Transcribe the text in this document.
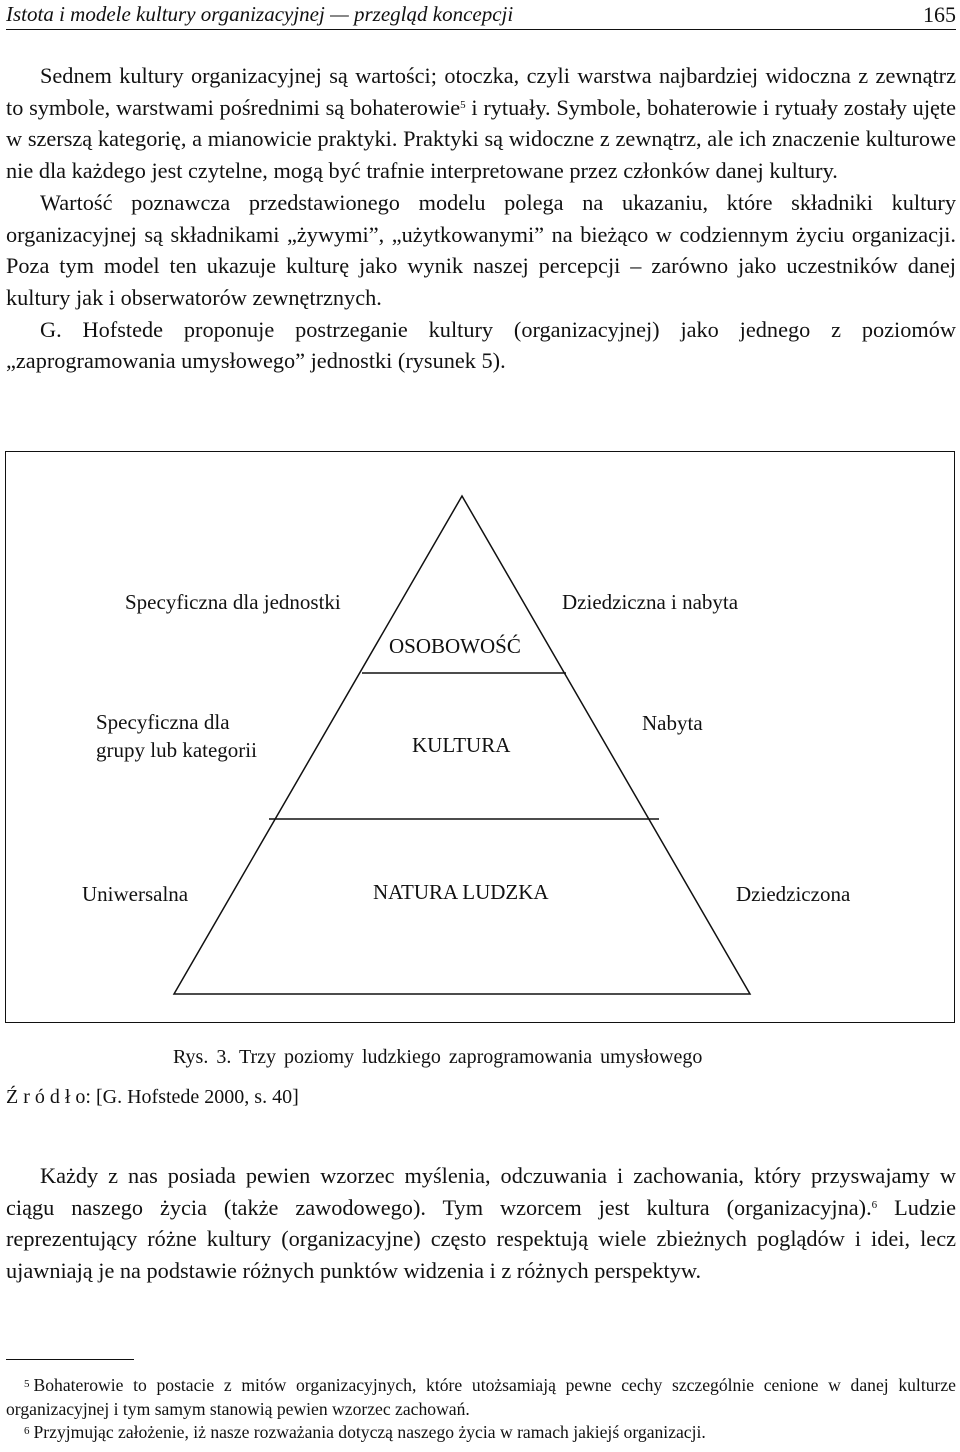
Istota i modele kultury organizacyjnej — przegląd koncepcji	165

Sednem kultury organizacyjnej są wartości; otoczka, czyli warstwa najbardziej widoczna z zewnątrz to symbole, warstwami pośrednimi są bohaterowie$^5$ i rytuały. Symbole, bohaterowie i rytuały zostały ujęte w szerszą kategorię, a mianowicie praktyki. Praktyki są widoczne z zewnątrz, ale ich znaczenie kulturowe nie dla każdego jest czytelne, mogą być trafnie interpretowane przez członków danej kultury.

Wartość poznawcza przedstawionego modelu polega na ukazaniu, które składniki kultury organizacyjnej są składnikami „żywymi”, „użytkowanymi” na bieżąco w codziennym życiu organizacji. Poza tym model ten ukazuje kulturę jako wynik naszej percepcji – zarówno jako uczestników danej kultury jak i obserwatorów zewnętrznych.

G. Hofstede proponuje postrzeganie kultury (organizacyjnej) jako jednego z poziomów „zaprogramowania umysłowego” jednostki (rysunek 5).

Specyficzna dla jednostki	Dziedziczna i nabyta
OSOBOWOŚĆ
Specyficzna dla
grupy lub kategorii
Nabyta
KULTURA
Uniwersalna	NATURA LUDZKA	Dziedziczona
Rys. 3. Trzy poziomy ludzkiego zaprogramowania umysłowego
Ź r ó d ł o: [G. Hofstede 2000, s. 40]

Każdy z nas posiada pewien wzorzec myślenia, odczuwania i zachowania, który przyswajamy w ciągu naszego życia (także zawodowego). Tym wzorcem jest kultura (organizacyjna).$^6$ Ludzie reprezentujący różne kultury (organizacyjne) często respektują wiele zbieżnych poglądów i idei, lecz ujawniają je na podstawie różnych punktów widzenia i z różnych perspektyw.

$^5$ Bohaterowie to postacie z mitów organizacyjnych, które utożsamiają pewne cechy szczególnie cenione w danej kulturze organizacyjnej i tym samym stanowią pewien wzorzec zachowań.

$^6$ Przyjmując założenie, iż nasze rozważania dotyczą naszego życia w ramach jakiejś organizacji.
